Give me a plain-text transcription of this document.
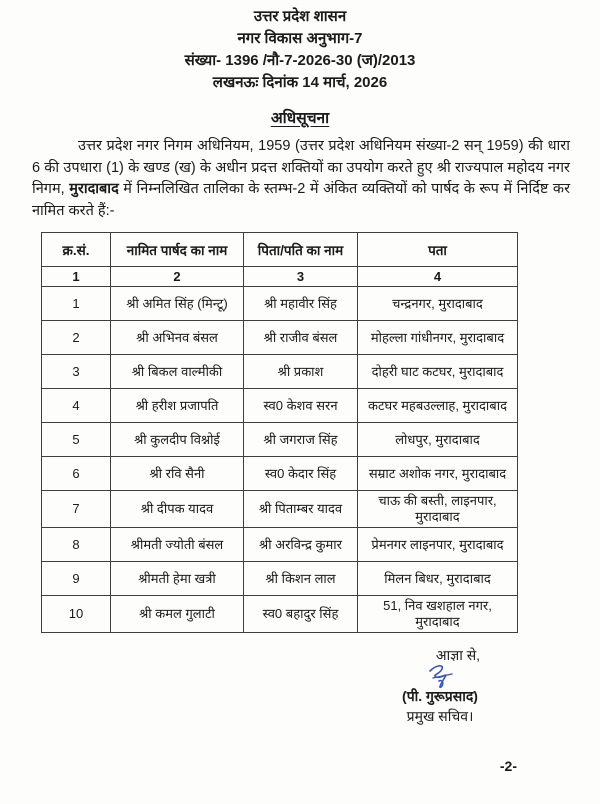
उत्तर प्रदेश शासन
नगर विकास अनुभाग-7
संख्या- 1396 /नौ-7-2026-30 (ज)/2013
लखनऊः दिनांक 14 मार्च, 2026
अधिसूचना

उत्तर प्रदेश नगर निगम अधिनियम, 1959 (उत्तर प्रदेश अधिनियम संख्या-2 सन् 1959) की धारा 6 की उपधारा (1) के खण्ड (ख) के अधीन प्रदत्त शक्तियों का उपयोग करते हुए श्री राज्यपाल महोदय नगर निगम, मुरादाबाद में निम्नलिखित तालिका के स्तम्भ-2 में अंकित व्यक्तियों को पार्षद के रूप में निर्दिष्ट कर नामित करते हैं:-

क्र.सं.	नामित पार्षद का नाम	पिता/पति का नाम	पता
1	2	3	4
1	श्री अमित सिंह (मिन्टू)	श्री महावीर सिंह	चन्द्रनगर, मुरादाबाद
2	श्री अभिनव बंसल	श्री राजीव बंसल	मोहल्ला गांधीनगर, मुरादाबाद
3	श्री बिकल वाल्मीकी	श्री प्रकाश	दोहरी घाट कटघर, मुरादाबाद
4	श्री हरीश प्रजापति	स्व0 केशव सरन	कटघर महबउल्लाह, मुरादाबाद
5	श्री कुलदीप विश्नोई	श्री जगराज सिंह	लोधपुर, मुरादाबाद
6	श्री रवि सैनी	स्व0 केदार सिंह	सम्राट अशोक नगर, मुरादाबाद
7	श्री दीपक यादव	श्री पिताम्बर यादव	चाऊ की बस्ती, लाइनपार, मुरादाबाद
8	श्रीमती ज्योती बंसल	श्री अरविन्द्र कुमार	प्रेमनगर लाइनपार, मुरादाबाद
9	श्रीमती हेमा खत्री	श्री किशन लाल	मिलन बिधर, मुरादाबाद
10	श्री कमल गुलाटी	स्व0 बहादुर सिंह	51, निव खशहाल नगर, मुरादाबाद
आज्ञा से,
(पी. गुरूप्रसाद)
प्रमुख सचिव।
-2-
